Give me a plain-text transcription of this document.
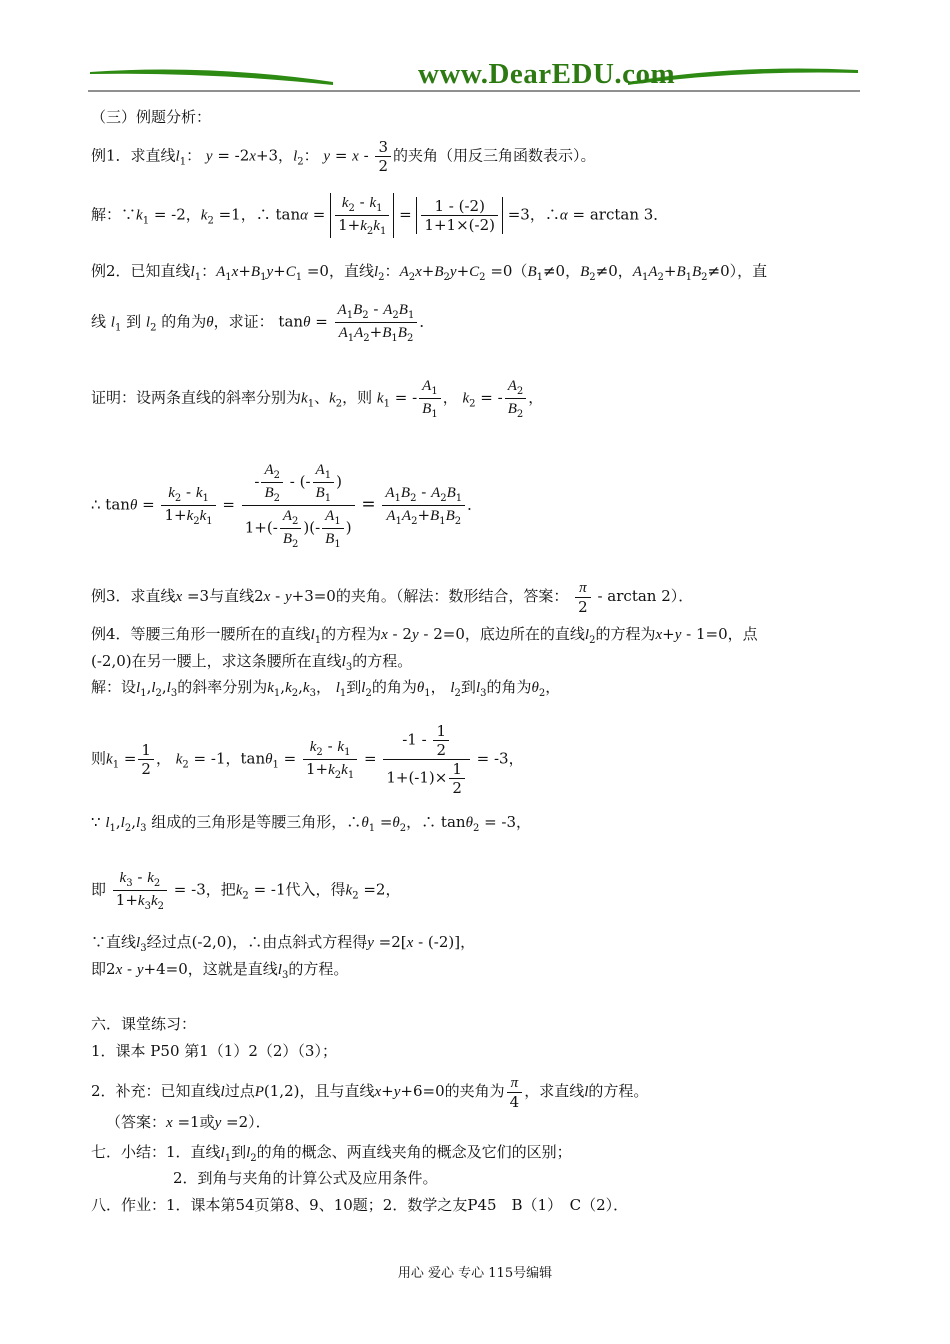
www.DearEDU.com
（三）例题分析：
例1．求直线$l_1$： y = -2x+3，$l_2$： $y = x - \frac{3}{2}$ 的夹角（用反三角函数表示）。
解：$\because k_1 = -2$，$k_2 =1$，∴ $\tan\alpha = \frac{k_2 - k_1}{1+k_2k_1} = \frac{1 - (-2)}{1+1\times(-2)} =3$，∴α = arctan 3．
例2．已知直线$l_1$：$A_1x+B_1y+C_1 =0$，直线$l_2$：$A_2x+B_2y+C_2 =0(B_1\ne 0$，$B_2\ne 0$，$A_1A_2+B_1B_2\ne 0$），直
线 $l_1$ 到 $l_2$ 的角为θ，求证： $\tan\theta = \frac{A_1B_2 - A_2B_1}{A_1A_2+B_1B_2}$ ．
证明：设两条直线的斜率分别为$k_1$、$k_2$，则 $k_1$ = - $\frac{A_1}{B_1}$ ， $k_2$ = - $\frac{A_2}{B_2}$ ，
∴ $\tan\theta = \frac{k_2 - k_1}{1+k_2k_1} = \frac{- \frac{A_2}{B_2} - (- \frac{A_1}{B_1} )}{1+(- \frac{A_2}{B_2} )(- \frac{A_1}{B_1} )} = \frac{A_1B_2 - A_2B_1}{A_1A_2+B_1B_2}$ ．
例3．求直线x =3与直线2x - y+3=0的夹角。（解法：数形结合，答案： $\frac{\pi}{2}$ - arctan 2）．
例4．等腰三角形一腰所在的直线$l_1$的方程为x - 2y - 2=0，底边所在的直线$l_2$的方程为x+y - 1=0，点
(-2,0)在另一腰上，求这条腰所在直线$l_3$的方程。
解：设$l_1,l_2,l_3$的斜率分别为$k_1,k_2,k_3$， $l_1$到$l_2$的角为$\theta_1$， $l_2$到$l_3$的角为$\theta_2$，
则$k_1 = \frac{1}{2}$ ， $k_2 = -1$，$\tan\theta_1 = \frac{k_2 - k_1}{1+k_2k_1} = \frac{-1 - \frac{1}{2}}{1+(-1)\times \frac{1}{2}} = -3$，
∵ $l_1,l_2,l_3$ 组成的三角形是等腰三角形，$\therefore\theta_1 =\theta_2$，∴ tanθ$_2$ = -3，
即 $\frac{k_3 - k_2}{1+k_3k_2} = -3$，把$k_2 = -1$代入，得$k_2 =2$，
∵直线$l_3$经过点(-2,0)，∴由点斜式方程得y =2[x - (-2)]，
即2x - y+4=0，这就是直线$l_3$的方程。
六．课堂练习：
1．课本 P50 第1（1）2（2）（3）；
2．补充：已知直线l过点P(1,2)，且与直线x+y+6=0的夹角为 $\frac{\pi}{4}$ ，求直线l的方程。
（答案：x =1或y =2）．
七．小结：1．直线$l_1$到$l_2$的角的概念、两直线夹角的概念及它们的区别；
2．到角与夹角的计算公式及应用条件。
八．作业：1．课本第54页第8、9、10题；2．数学之友P45　B（1）　C（2）．
用心 爱心 专心 115号编辑
